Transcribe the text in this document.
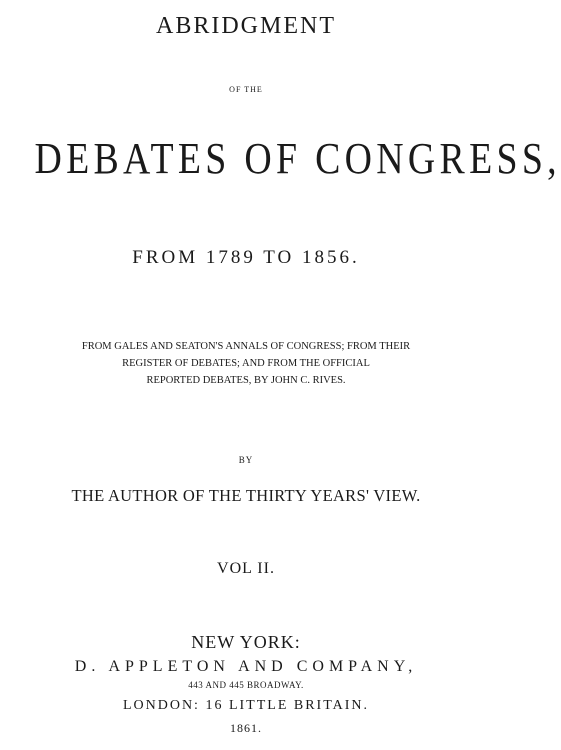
ABRIDGMENT
OF THE
DEBATES OF CONGRESS,
FROM 1789 TO 1856.
FROM GALES AND SEATON'S ANNALS OF CONGRESS; FROM THEIR
REGISTER OF DEBATES; AND FROM THE OFFICIAL
REPORTED DEBATES, BY JOHN C. RIVES.
BY
THE AUTHOR OF THE THIRTY YEARS' VIEW.
VOL II.
NEW YORK:
D. APPLETON AND COMPANY,
443 AND 445 BROADWAY.
LONDON: 16 LITTLE BRITAIN.
1861.
